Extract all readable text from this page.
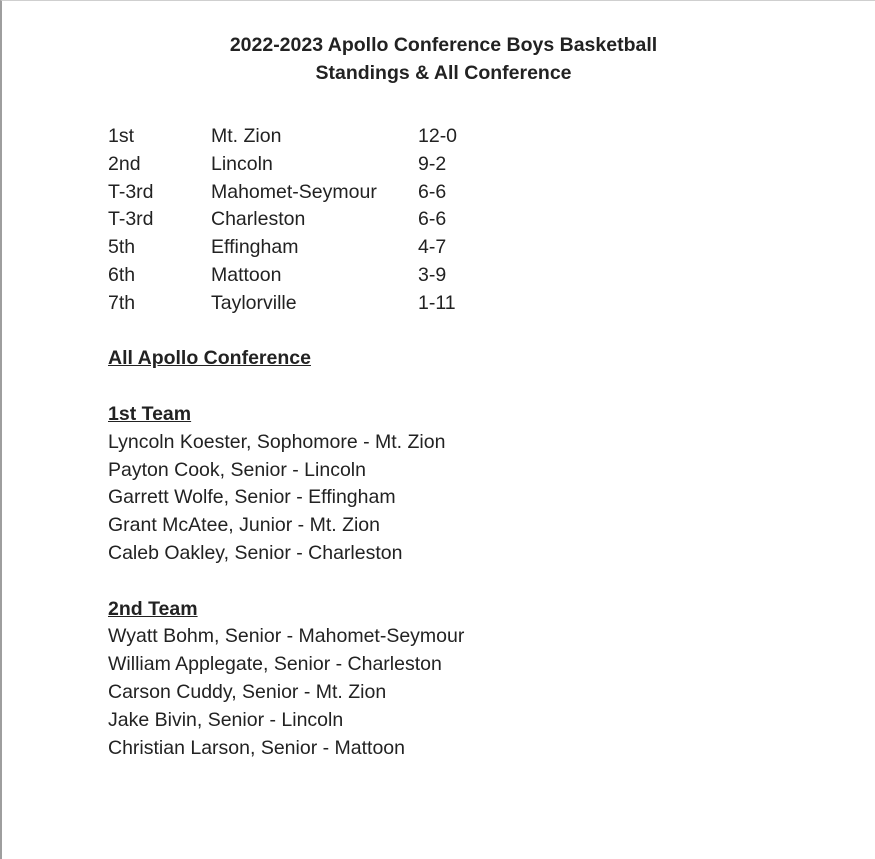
2022-2023 Apollo Conference Boys Basketball
Standings & All Conference
1st	Mt. Zion	12-0
2nd	Lincoln	9-2
T-3rd	Mahomet-Seymour	6-6
T-3rd	Charleston	6-6
5th	Effingham	4-7
6th	Mattoon	3-9
7th	Taylorville	1-11
All Apollo Conference
1st Team
Lyncoln Koester, Sophomore - Mt. Zion
Payton Cook, Senior - Lincoln
Garrett Wolfe, Senior - Effingham
Grant McAtee, Junior - Mt. Zion
Caleb Oakley, Senior - Charleston
2nd Team
Wyatt Bohm, Senior - Mahomet-Seymour
William Applegate, Senior - Charleston
Carson Cuddy, Senior - Mt. Zion
Jake Bivin, Senior - Lincoln
Christian Larson, Senior - Mattoon
